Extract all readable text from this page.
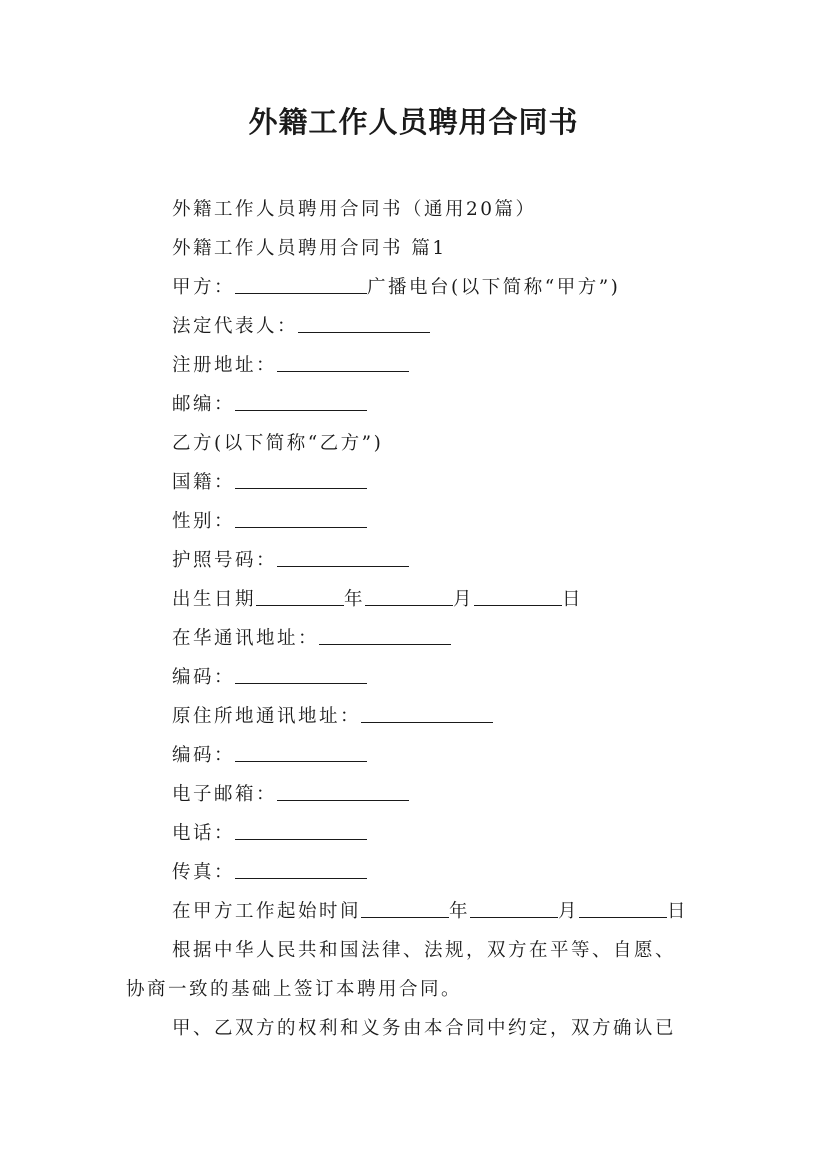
外籍工作人员聘用合同书
外籍工作人员聘用合同书（通用20篇）
外籍工作人员聘用合同书 篇1
甲方：	广播电台(以下简称“甲方”)
法定代表人：
注册地址：
邮编：
乙方(以下简称“乙方”)
国籍：
性别：
护照号码：
出生日期	年	月	日
在华通讯地址：
编码：
原住所地通讯地址：
编码：
电子邮箱：
电话：
传真：
在甲方工作起始时间	年	月	日
根据中华人民共和国法律、法规，双方在平等、自愿、
协商一致的基础上签订本聘用合同。
甲、乙双方的权利和义务由本合同中约定，双方确认已
